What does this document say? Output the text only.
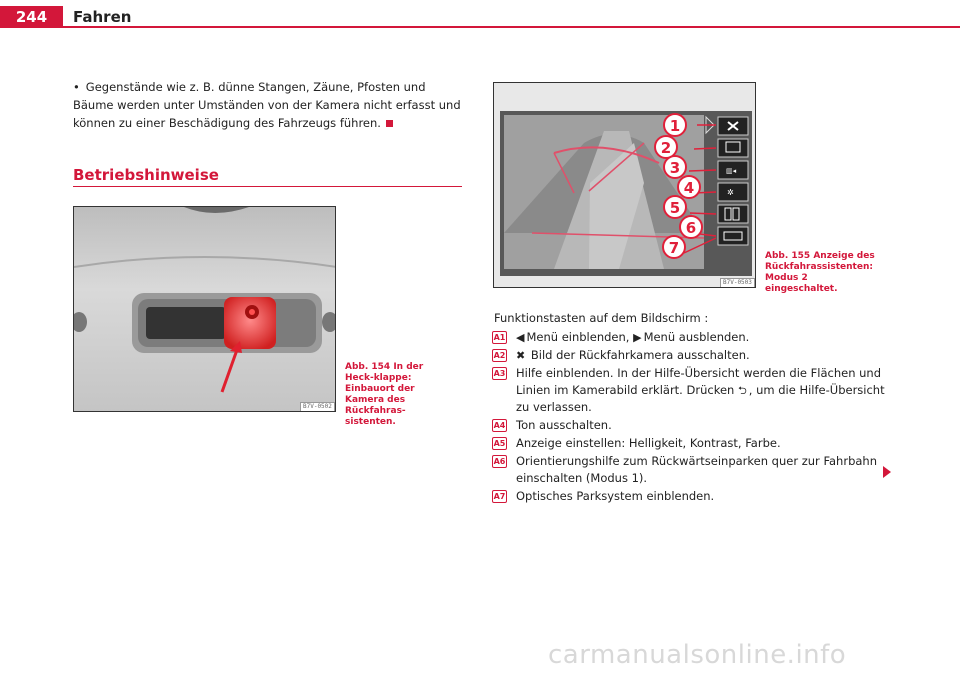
244	Fahren

• Gegenstände wie z. B. dünne Stangen, Zäune, Pfosten und Bäume werden unter Umständen von der Kamera nicht erfasst und können zu einer Beschädigung des Fahrzeugs führen.

Betriebshinweise
B7V-0502
Abb. 154 In der Heck-klappe: Einbauort der Kamera des Rückfahras-sistenten.
▥◂
✲
1
2
3
4
5
6
7
B7V-0503
Abb. 155 Anzeige des Rückfahrassistenten: Modus 2 eingeschaltet.
Funktionstasten auf dem Bildschirm :
A1 ◀ Menü einblenden, ▶ Menü ausblenden.
A2 ✖ Bild der Rückfahrkamera ausschalten.
A3 Hilfe einblenden. In der Hilfe-Übersicht werden die Flächen und Linien im Kamerabild erklärt. Drücken ⮌ , um die Hilfe-Übersicht zu verlassen.
A4 Ton ausschalten.
A5 Anzeige einstellen: Helligkeit, Kontrast, Farbe.
A6 Orientierungshilfe zum Rückwärtseinparken quer zur Fahrbahn einschalten (Modus 1).
A7 Optisches Parksystem einblenden.
carmanualsonline.info
